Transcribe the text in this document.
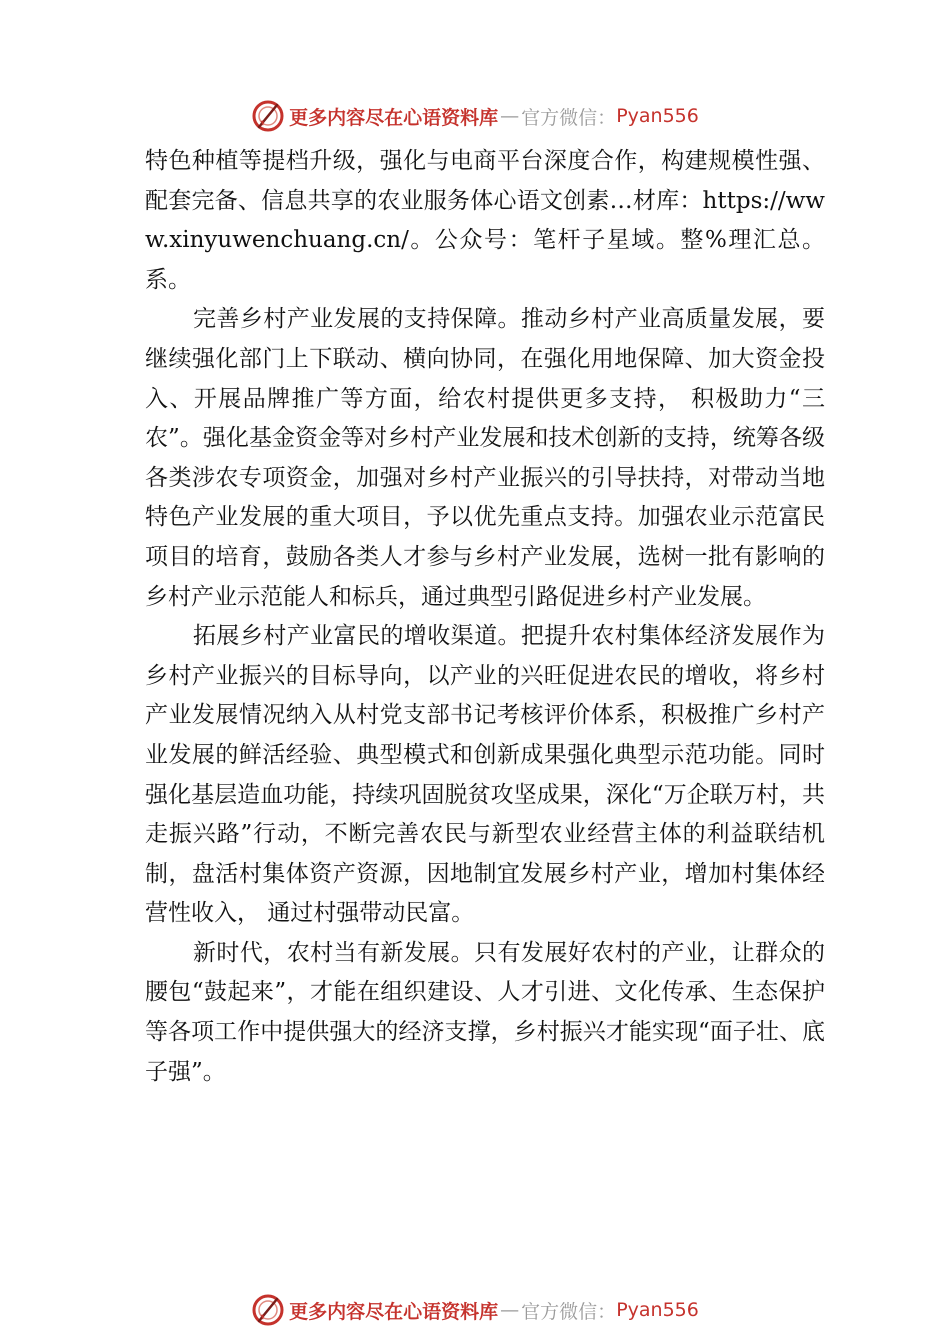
更多内容尽在心语资料库 — 官方微信： Pyan556

特色种植等提档升级，强化与电商平台深度合作，构建规模性强、配套完备、信息共享的农业服务体心语文创素…材库：https://www.xinyuwenchuang.cn/。公众号：笔杆子星域。整%理汇总。系。

完善乡村产业发展的支持保障。推动乡村产业高质量发展，要继续强化部门上下联动、横向协同，在强化用地保障、加大资金投入、开展品牌推广等方面，给农村提供更多支持， 积极助力“三农”。强化基金资金等对乡村产业发展和技术创新的支持，统筹各级各类涉农专项资金，加强对乡村产业振兴的引导扶持，对带动当地特色产业发展的重大项目，予以优先重点支持。加强农业示范富民项目的培育，鼓励各类人才参与乡村产业发展，选树一批有影响的乡村产业示范能人和标兵，通过典型引路促进乡村产业发展。

拓展乡村产业富民的增收渠道。把提升农村集体经济发展作为乡村产业振兴的目标导向，以产业的兴旺促进农民的增收，将乡村产业发展情况纳入从村党支部书记考核评价体系，积极推广乡村产业发展的鲜活经验、典型模式和创新成果强化典型示范功能。同时强化基层造血功能，持续巩固脱贫攻坚成果，深化“万企联万村，共走振兴路”行动，不断完善农民与新型农业经营主体的利益联结机制，盘活村集体资产资源，因地制宜发展乡村产业，增加村集体经营性收入， 通过村强带动民富。

新时代，农村当有新发展。只有发展好农村的产业，让群众的腰包“鼓起来”，才能在组织建设、人才引进、文化传承、生态保护等各项工作中提供强大的经济支撑，乡村振兴才能实现“面子壮、底子强”。

更多内容尽在心语资料库 — 官方微信： Pyan556
